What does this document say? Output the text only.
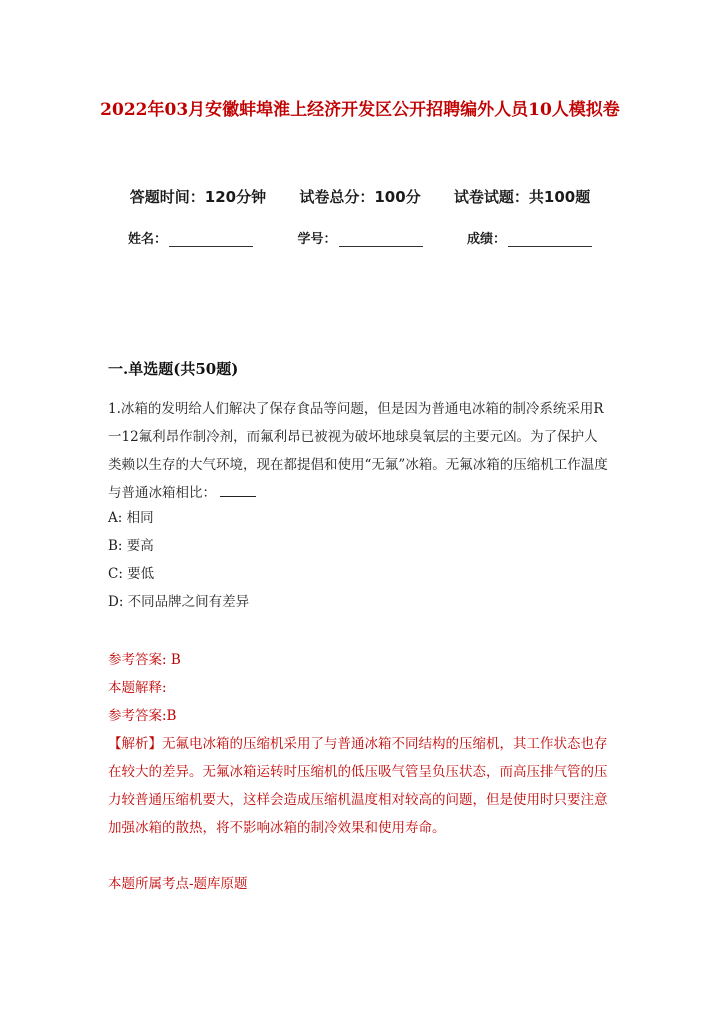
2022年03月安徽蚌埠淮上经济开发区公开招聘编外人员10人模拟卷
答题时间：120分钟 试卷总分：100分 试卷试题：共100题
姓名：	学号：	成绩：
一.单选题(共50题)
1.冰箱的发明给人们解决了保存食品等问题，但是因为普通电冰箱的制冷系统采用R一12氟利昂作制冷剂，而氟利昂已被视为破坏地球臭氧层的主要元凶。为了保护人类赖以生存的大气环境，现在都提倡和使用“无氟”冰箱。无氟冰箱的压缩机工作温度与普通冰箱相比：
A: 相同
B: 要高
C: 要低
D: 不同品牌之间有差异
参考答案: B
本题解释:
参考答案:B
【解析】无氟电冰箱的压缩机采用了与普通冰箱不同结构的压缩机，其工作状态也存在较大的差异。无氟冰箱运转时压缩机的低压吸气管呈负压状态，而高压排气管的压力较普通压缩机要大，这样会造成压缩机温度相对较高的问题，但是使用时只要注意加强冰箱的散热，将不影响冰箱的制冷效果和使用寿命。
本题所属考点-题库原题
